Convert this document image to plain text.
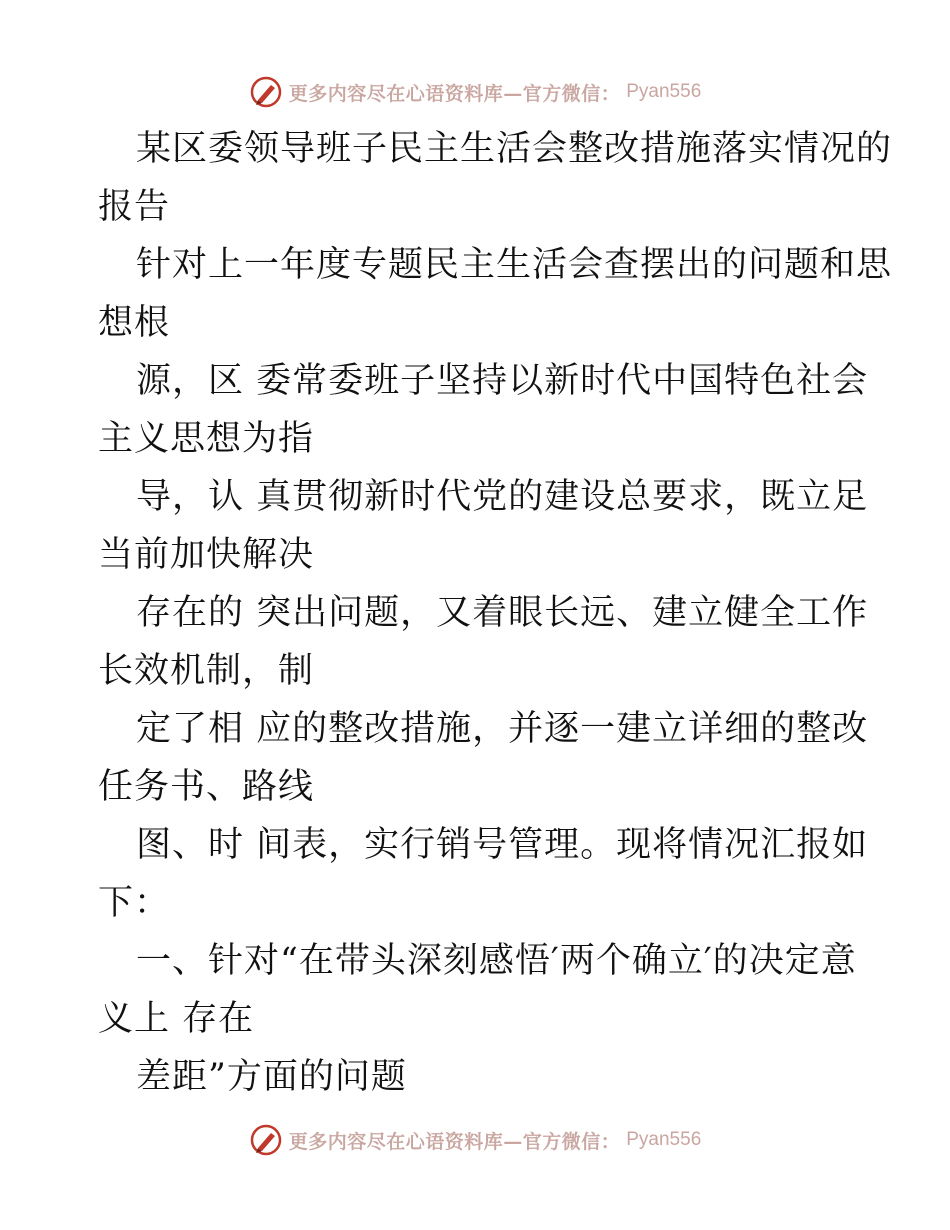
更多内容尽在心语资料库—官方微信： Pyan556
某区委领导班子民主生活会整改措施落实情况的
报告
针对上一年度专题民主生活会查摆出的问题和思
想根
源，区 委常委班子坚持以新时代中国特色社会
主义思想为指
导，认 真贯彻新时代党的建设总要求，既立足
当前加快解决
存在的 突出问题，又着眼长远、建立健全工作
长效机制，制
定了相 应的整改措施，并逐一建立详细的整改
任务书、路线
图、时 间表，实行销号管理。现将情况汇报如
下：
一、针对“在带头深刻感悟′两个确立′的决定意
义上 存在
差距”方面的问题
更多内容尽在心语资料库—官方微信： Pyan556
